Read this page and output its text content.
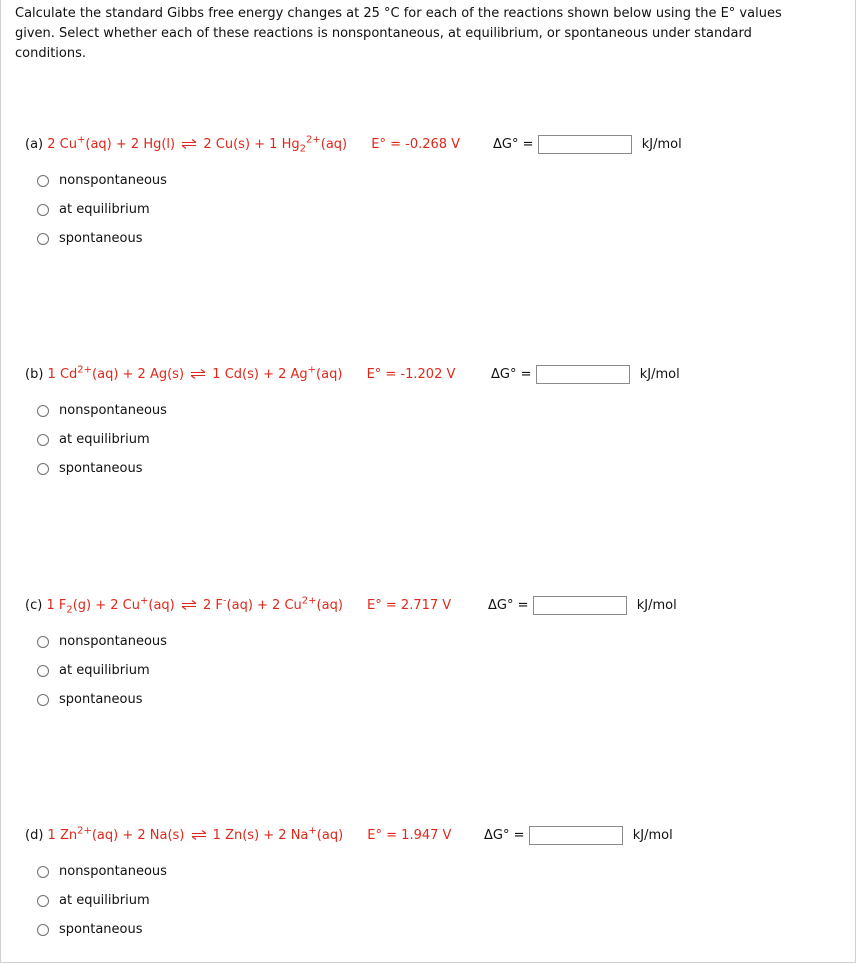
Calculate the standard Gibbs free energy changes at 25 °C for each of the reactions shown below using the E° values
given. Select whether each of these reactions is nonspontaneous, at equilibrium, or spontaneous under standard
conditions.
(a) 2 Cu+(aq) + 2 Hg(l) ⇌ 2 Cu(s) + 1 $Hg_2^{2+}(aq) E^\circ = -0.268$ V	ΔG° =	kJ/mol
nonspontaneous
at equilibrium
spontaneous
(b) 1 $Cd^{2+}(aq) + 2$ Ag(s) ⇌ 1 Cd(s) + 2 Ag+(aq) E° = -1.202 V	ΔG° =	kJ/mol
nonspontaneous
at equilibrium
spontaneous
(c) 1 $F_2(g) + 2$ Cu+(aq) ⇌ 2 F-(aq) + 2 $Cu^{2+}(aq) E^\circ = 2.717$ V	ΔG° =	kJ/mol
nonspontaneous
at equilibrium
spontaneous
(d) 1 $Zn^{2+}(aq) + 2$ Na(s) ⇌ 1 Zn(s) + 2 Na+(aq) E° = 1.947 V	ΔG° =	kJ/mol
nonspontaneous
at equilibrium
spontaneous
